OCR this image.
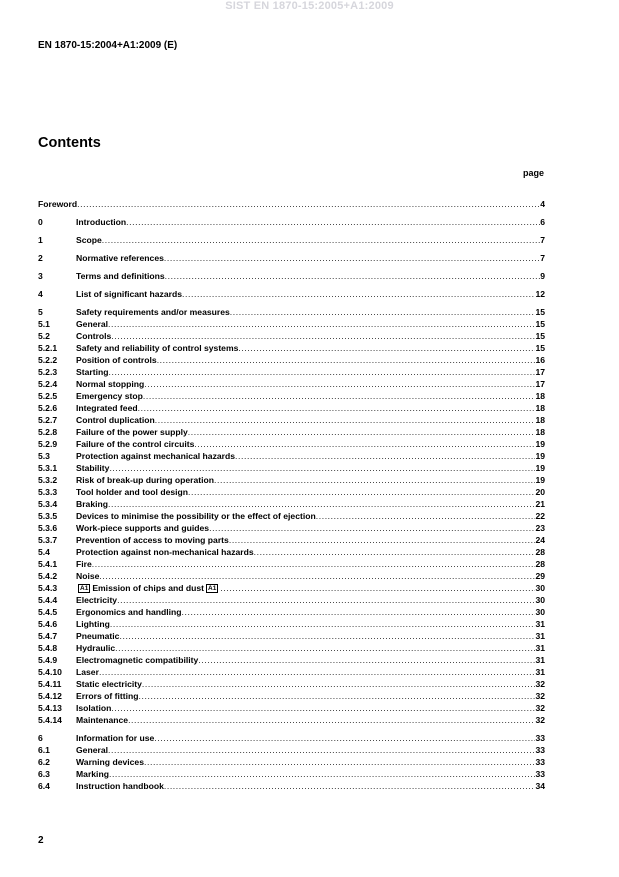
SIST EN 1870-15:2005+A1:2009
EN 1870-15:2004+A1:2009 (E)
Contents
page
Foreword .....	4
0	Introduction .....	6
1	Scope .....	7
2	Normative references .....	7
3	Terms and definitions .....	9
4	List of significant hazards .....	12
5	Safety requirements and/or measures .....	15
5.1	General .....	15
5.2	Controls .....	15
5.2.1	Safety and reliability of control systems .....	15
5.2.2	Position of controls .....	16
5.2.3	Starting .....	17
5.2.4	Normal stopping .....	17
5.2.5	Emergency stop .....	18
5.2.6	Integrated feed .....	18
5.2.7	Control duplication .....	18
5.2.8	Failure of the power supply .....	18
5.2.9	Failure of the control circuits .....	19
5.3	Protection against mechanical hazards .....	19
5.3.1	Stability .....	19
5.3.2	Risk of break-up during operation .....	19
5.3.3	Tool holder and tool design .....	20
5.3.4	Braking .....	21
5.3.5	Devices to minimise the possibility or the effect of ejection .....	22
5.3.6	Work-piece supports and guides .....	23
5.3.7	Prevention of access to moving parts .....	24
5.4	Protection against non-mechanical hazards .....	28
5.4.1	Fire .....	28
5.4.2	Noise .....	29
5.4.3	A1 Emission of chips and dust A1 .....	30
5.4.4	Electricity .....	30
5.4.5	Ergonomics and handling .....	30
5.4.6	Lighting .....	31
5.4.7	Pneumatic .....	31
5.4.8	Hydraulic .....	31
5.4.9	Electromagnetic compatibility .....	31
5.4.10	Laser .....	31
5.4.11	Static electricity .....	32
5.4.12	Errors of fitting .....	32
5.4.13	Isolation .....	32
5.4.14	Maintenance .....	32
6	Information for use .....	33
6.1	General .....	33
6.2	Warning devices .....	33
6.3	Marking .....	33
6.4	Instruction handbook .....	34
2
